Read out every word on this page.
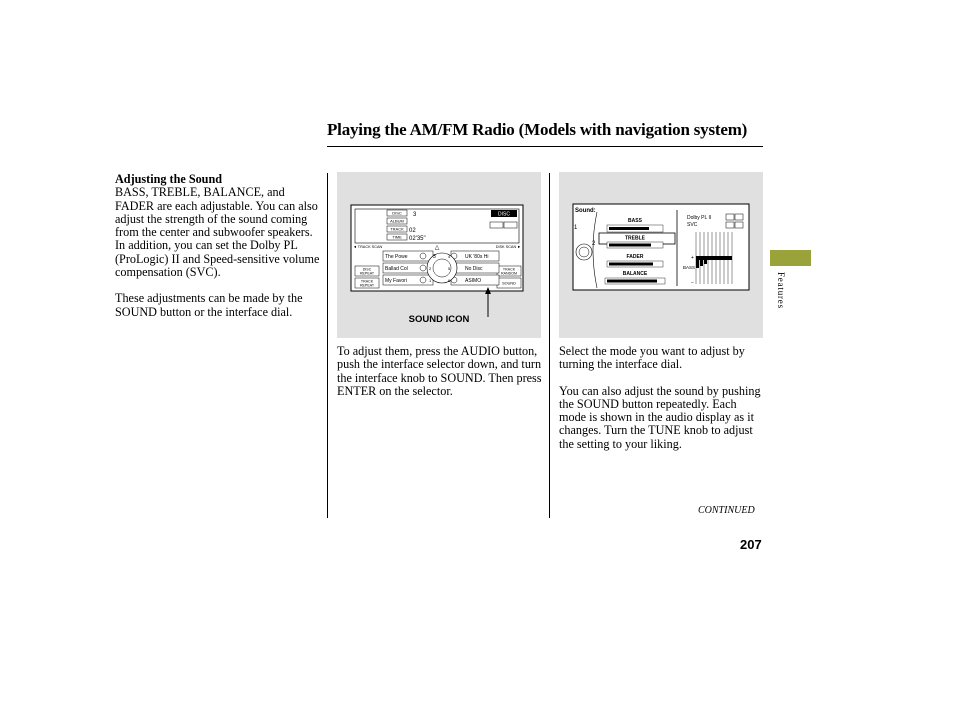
Playing the AM/FM Radio (Models with navigation system)
Adjusting the Sound

BASS, TREBLE, BALANCE, and FADER are each adjustable. You can also adjust the strength of the sound coming from the center and subwoofer speakers. In addition, you can set the Dolby PL (ProLogic) II and Speed-sensitive volume compensation (SVC).

These adjustments can be made by the SOUND button or the interface dial.

DISC
ALBUM
TRACK
TIME
3
02
02'35"
DISC
◄ TRACK SCAN	DISK SCAN ►
△
DISC
REPEAT
TRACK
REPEAT
TRACK
RANDOM
SOUND
The Powe
Ballad Col
My Favori
UK '80s Hi
No Disc
ASIMO
3
2
1
4
5
6
SOUND ICON
Sound:
1
2
BASS
TREBLE
FADER
BALANCE
Dolby PL II
SVC
BASS
+
−

To adjust them, press the AUDIO button, push the interface selector down, and turn the interface knob to SOUND. Then press ENTER on the selector.

Select the mode you want to adjust by turning the interface dial.

You can also adjust the sound by pushing the SOUND button repeatedly. Each mode is shown in the audio display as it changes. Turn the TUNE knob to adjust the setting to your liking.

CONTINUED
207
Features
